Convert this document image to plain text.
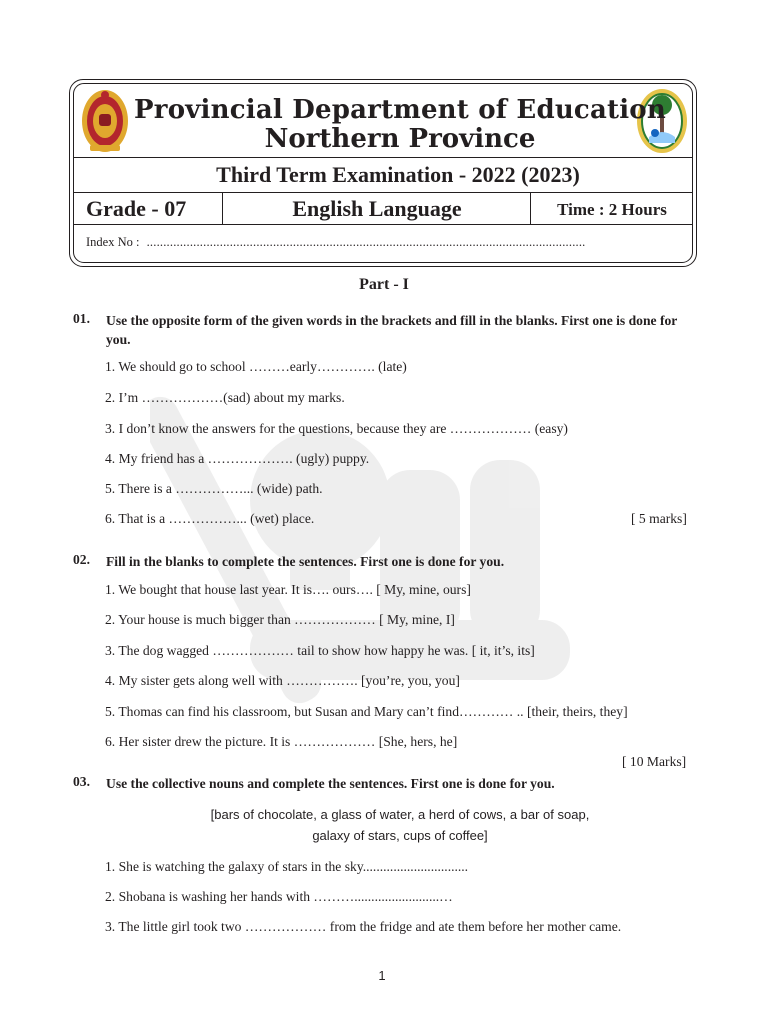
Provincial Department of Education
Northern Province
Third Term Examination - 2022 (2023)
Grade - 07	English Language	Time : 2 Hours
Index No : ....................................................................................................................................
Part - I
01. Use the opposite form of the given words in the brackets and fill in the blanks. First one is done for you.
1. We should go to school ………early…………. (late)
2. I’m ………………(sad) about my marks.
3. I don’t know the answers for the questions, because they are ……………… (easy)
4. My friend has a ………………. (ugly) puppy.
5. There is a ……………... (wide) path.
6. That is a ……………... (wet) place.	[ 5 marks]
02. Fill in the blanks to complete the sentences. First one is done for you.
1. We bought that house last year. It is…. ours…. [ My, mine, ours]
2. Your house is much bigger than ……………… [ My, mine, I]
3. The dog wagged ……………… tail to show how happy he was. [ it, it’s, its]
4. My sister gets along well with ……………. [you’re, you, you]
5. Thomas can find his classroom, but Susan and Mary can’t find………… .. [their, theirs, they]
6. Her sister drew the picture. It is ……………… [She, hers, he]
[ 10 Marks]
03. Use the collective nouns and complete the sentences. First one is done for you.
[bars of chocolate, a glass of water, a herd of cows, a bar of soap,
galaxy of stars, cups of coffee]
1. She is watching the galaxy of stars in the sky...............................
2. Shobana is washing her hands with ……….........................…
3. The little girl took two ……………… from the fridge and ate them before her mother came.
1
